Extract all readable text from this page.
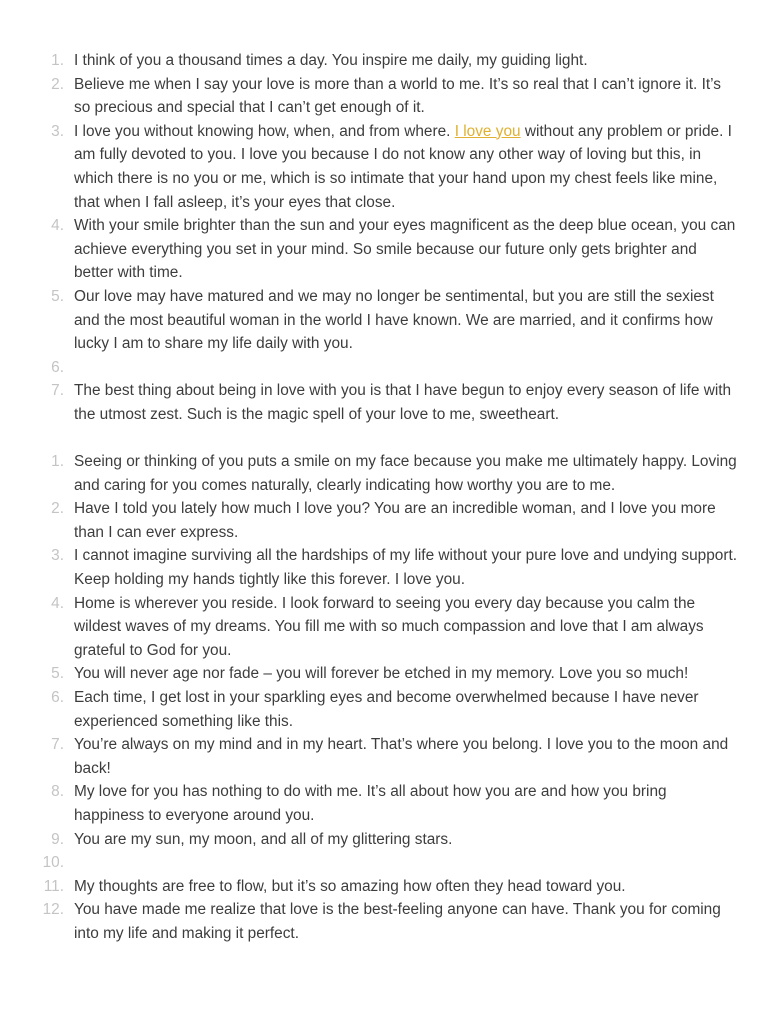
1. I think of you a thousand times a day. You inspire me daily, my guiding light.
2. Believe me when I say your love is more than a world to me. It’s so real that I can’t ignore it. It’s so precious and special that I can’t get enough of it.
3. I love you without knowing how, when, and from where. I love you without any problem or pride. I am fully devoted to you. I love you because I do not know any other way of loving but this, in which there is no you or me, which is so intimate that your hand upon my chest feels like mine, that when I fall asleep, it’s your eyes that close.
4. With your smile brighter than the sun and your eyes magnificent as the deep blue ocean, you can achieve everything you set in your mind. So smile because our future only gets brighter and better with time.
5. Our love may have matured and we may no longer be sentimental, but you are still the sexiest and the most beautiful woman in the world I have known. We are married, and it confirms how lucky I am to share my life daily with you.
6.
7. The best thing about being in love with you is that I have begun to enjoy every season of life with the utmost zest. Such is the magic spell of your love to me, sweetheart.
1. Seeing or thinking of you puts a smile on my face because you make me ultimately happy. Loving and caring for you comes naturally, clearly indicating how worthy you are to me.
2. Have I told you lately how much I love you? You are an incredible woman, and I love you more than I can ever express.
3. I cannot imagine surviving all the hardships of my life without your pure love and undying support. Keep holding my hands tightly like this forever. I love you.
4. Home is wherever you reside. I look forward to seeing you every day because you calm the wildest waves of my dreams. You fill me with so much compassion and love that I am always grateful to God for you.
5. You will never age nor fade – you will forever be etched in my memory. Love you so much!
6. Each time, I get lost in your sparkling eyes and become overwhelmed because I have never experienced something like this.
7. You’re always on my mind and in my heart. That’s where you belong. I love you to the moon and back!
8. My love for you has nothing to do with me. It’s all about how you are and how you bring happiness to everyone around you.
9. You are my sun, my moon, and all of my glittering stars.
10.
11. My thoughts are free to flow, but it’s so amazing how often they head toward you.
12. You have made me realize that love is the best-feeling anyone can have. Thank you for coming into my life and making it perfect.
